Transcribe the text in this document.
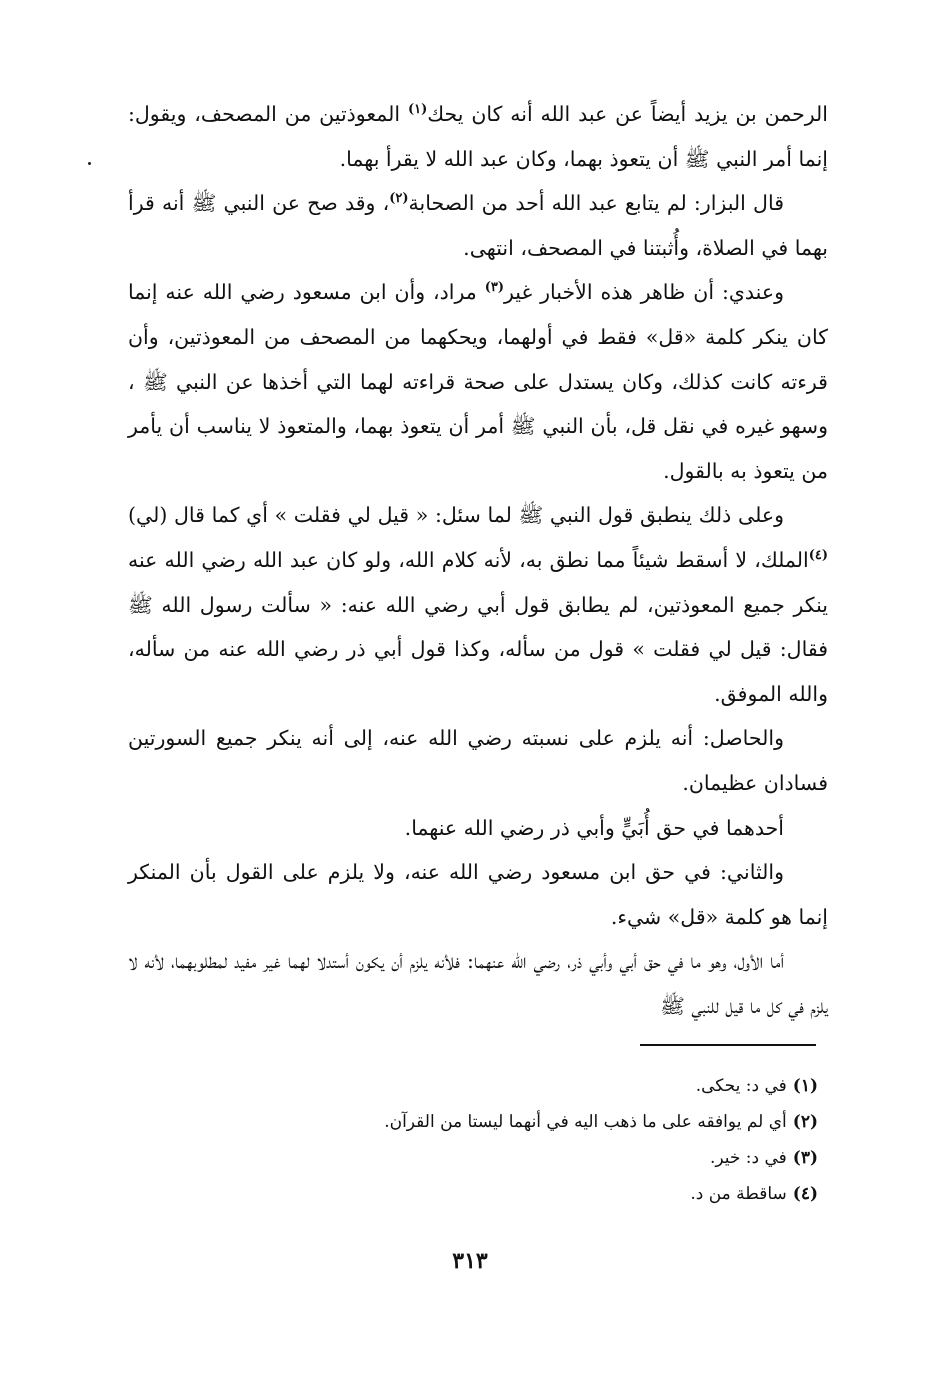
الرحمن بن يزيد أيضاً عن عبد الله أنه كان يحك$^{(١)}$ المعوذتين من المصحف، ويقول: إنما أمر النبي ﷺ أن يتعوذ بهما، وكان عبد الله لا يقرأ بهما.

قال البزار: لم يتابع عبد الله أحد من الصحابة$^{(٢)}$، وقد صح عن النبي ﷺ أنه قرأ بهما في الصلاة، وأُثبتنا في المصحف، انتهى.

وعندي: أن ظاهر هذه الأخبار غير$^{(٣)}$ مراد، وأن ابن مسعود رضي الله عنه إنما كان ينكر كلمة «قل» فقط في أولهما، ويحكهما من المصحف من المعوذتين، وأن قرءته كانت كذلك، وكان يستدل على صحة قراءته لهما التي أخذها عن النبي ﷺ ، وسهو غيره في نقل قل، بأن النبي ﷺ أمر أن يتعوذ بهما، والمتعوذ لا يناسب أن يأمر من يتعوذ به بالقول.

وعلى ذلك ينطبق قول النبي ﷺ لما سئل: « قيل لي فقلت » أي كما قال (لي) $^{(٤)}$الملك، لا أسقط شيئاً مما نطق به، لأنه كلام الله، ولو كان عبد الله رضي الله عنه ينكر جميع المعوذتين، لم يطابق قول أبي رضي الله عنه: « سألت رسول الله ﷺ فقال: قيل لي فقلت » قول من سأله، وكذا قول أبي ذر رضي الله عنه من سأله، والله الموفق.

والحاصل: أنه يلزم على نسبته رضي الله عنه، إلى أنه ينكر جميع السورتين فسادان عظيمان.

أحدهما في حق أُبَيٍّ وأبي ذر رضي الله عنهما.

والثاني: في حق ابن مسعود رضي الله عنه، ولا يلزم على القول بأن المنكر إنما هو كلمة «قل» شيء.

أما الأول، وهو ما في حق أبي وأبي ذر، رضي الله عنهما: فلأنه يلزم أن يكون أستدلا لهما غير مفيد لمطلوبهما، لأنه لا يلزم في كل ما قيل للنبي ﷺ

(١)في د: يحكى.

(٢)أي لم يوافقه على ما ذهب اليه في أنهما ليستا من القرآن.

(٣)في د: خير.

(٤)ساقطة من د.

٣١٣
